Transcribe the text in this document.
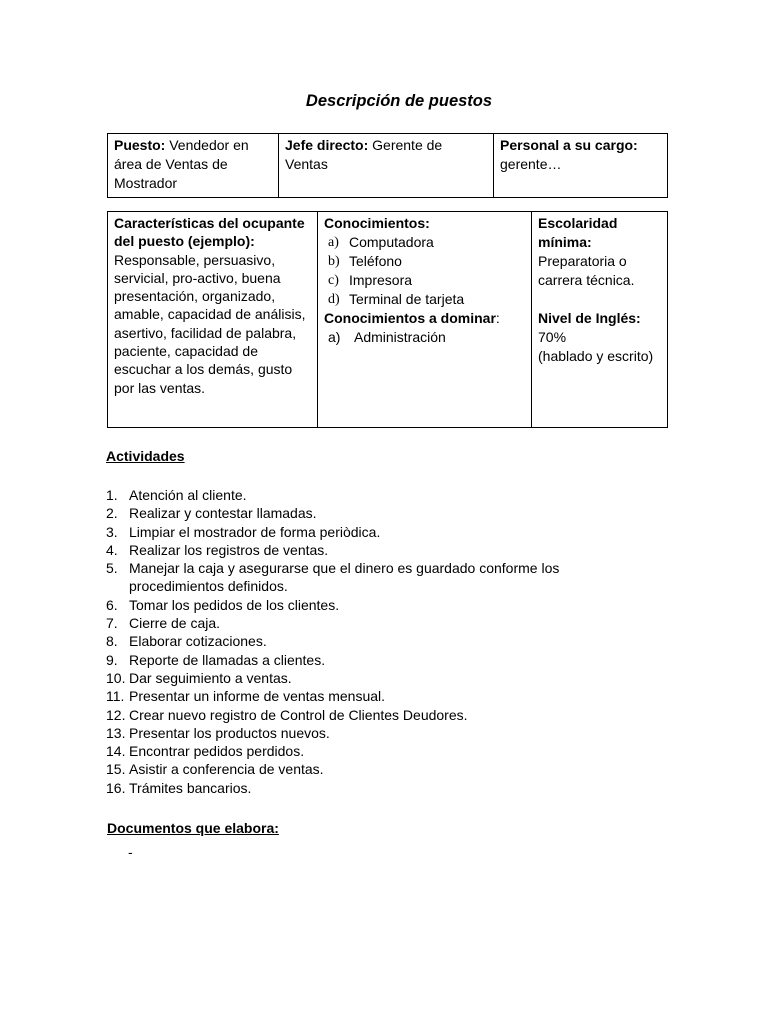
Descripción de puestos
Puesto: Vendedor en área de Ventas de Mostrador	Jefe directo: Gerente de Ventas	Personal a su cargo:
gerente…
Características del ocupante del puesto (ejemplo): Responsable, persuasivo, servicial, pro-activo, buena presentación, organizado, amable, capacidad de análisis, asertivo, facilidad de palabra, paciente, capacidad de escuchar a los demás, gusto por las ventas.	Conocimientos:
a) Computadora
b) Teléfono
c) Impresora
d) Terminal de tarjeta
Conocimientos a dominar:
a) Administración
	Escolaridad mínima:
Preparatoria o carrera técnica.
Nivel de Inglés:
70%
(hablado y escrito)
Actividades
1. Atención al cliente.
2. Realizar y contestar llamadas.
3. Limpiar el mostrador de forma periòdica.
4. Realizar los registros de ventas.
5. Manejar la caja y asegurarse que el dinero es guardado conforme los procedimientos definidos.
6. Tomar los pedidos de los clientes.
7. Cierre de caja.
8. Elaborar cotizaciones.
9. Reporte de llamadas a clientes.
10. Dar seguimiento a ventas.
11. Presentar un informe de ventas mensual.
12. Crear nuevo registro de Control de Clientes Deudores.
13. Presentar los productos nuevos.
14. Encontrar pedidos perdidos.
15. Asistir a conferencia de ventas.
16. Trámites bancarios.
Documentos que elabora:
-
